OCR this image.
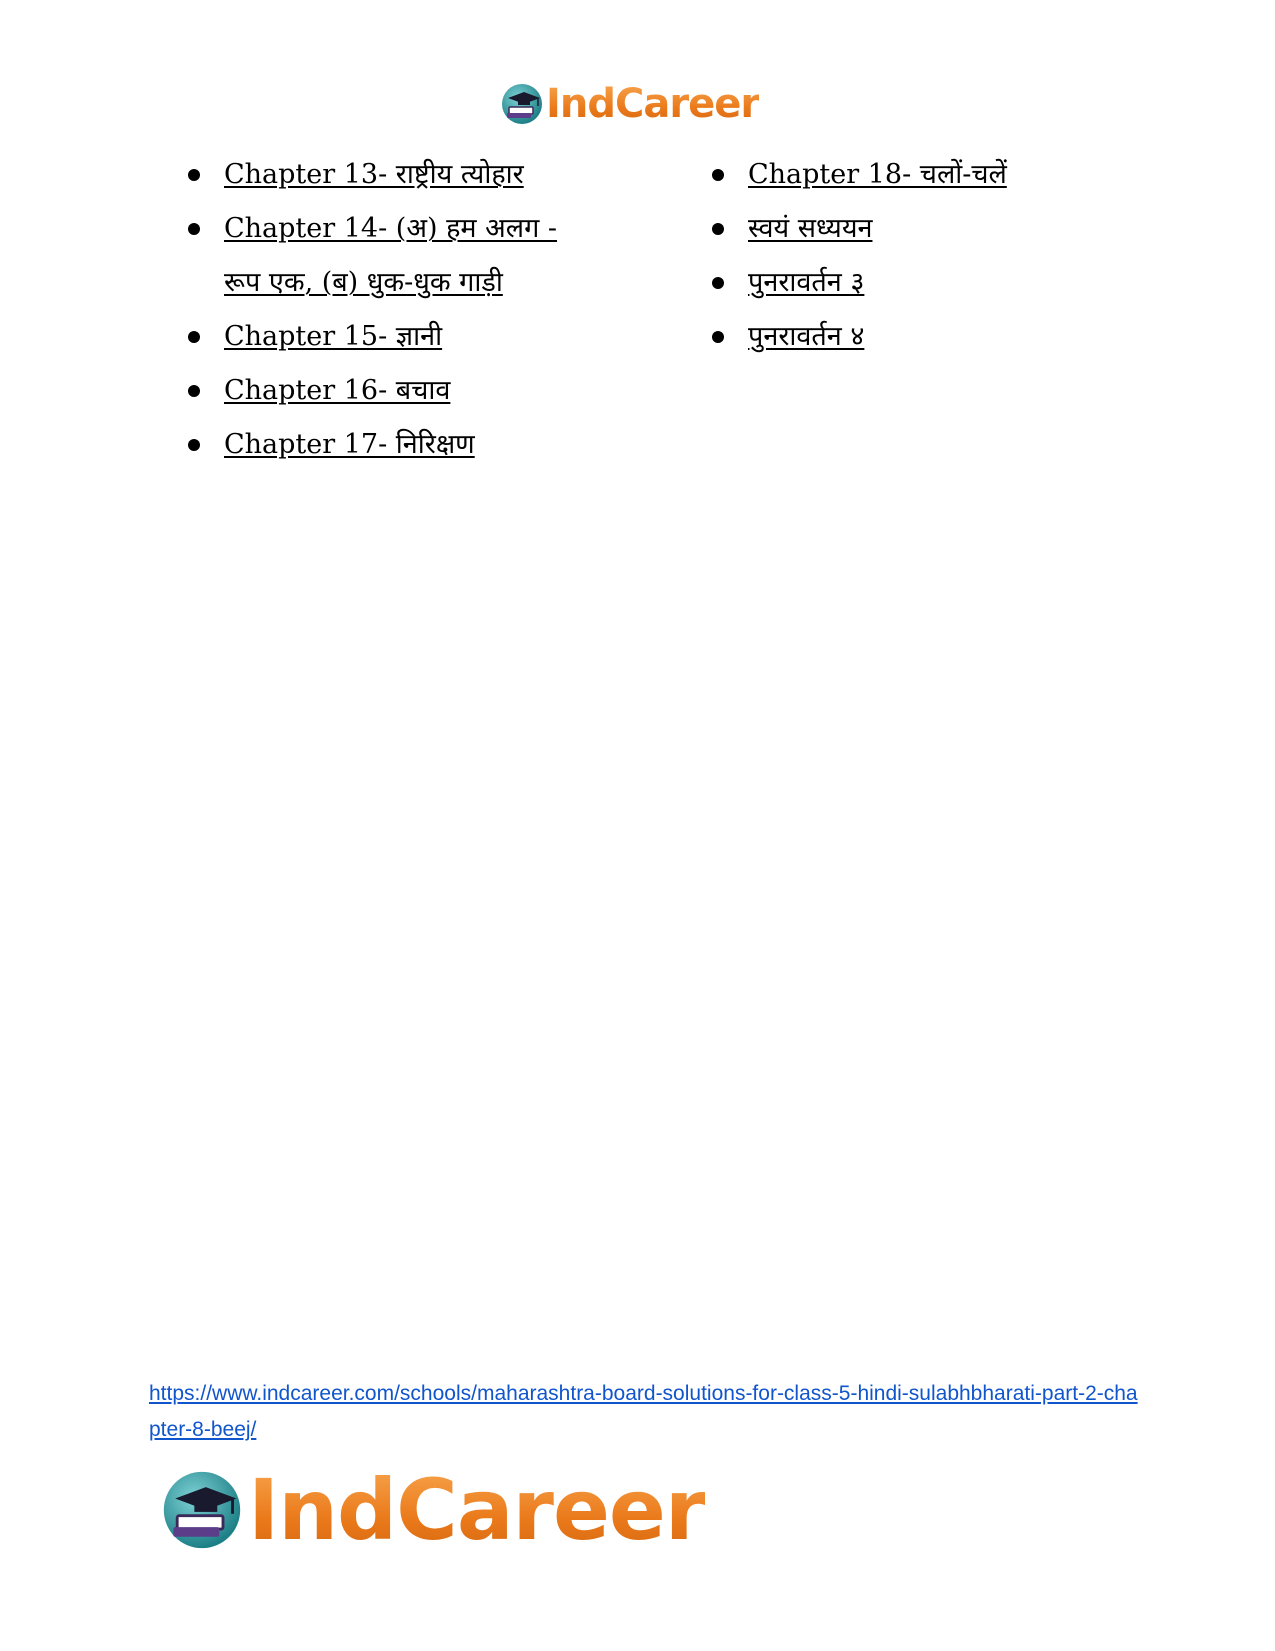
IndCareer
Chapter 13- राष्ट्रीय त्योहार
Chapter 14- (अ) हम अलग - रूप एक, (ब) धुक-धुक गाड़ी
Chapter 15- ज्ञानी
Chapter 16- बचाव
Chapter 17- निरिक्षण
Chapter 18- चलों-चलें
स्वयं सध्ययन
पुनरावर्तन ३
पुनरावर्तन ४
https://www.indcareer.com/schools/maharashtra-board-solutions-for-class-5-hindi-sulabhbharati-part-2-chapter-8-beej/
IndCareer
